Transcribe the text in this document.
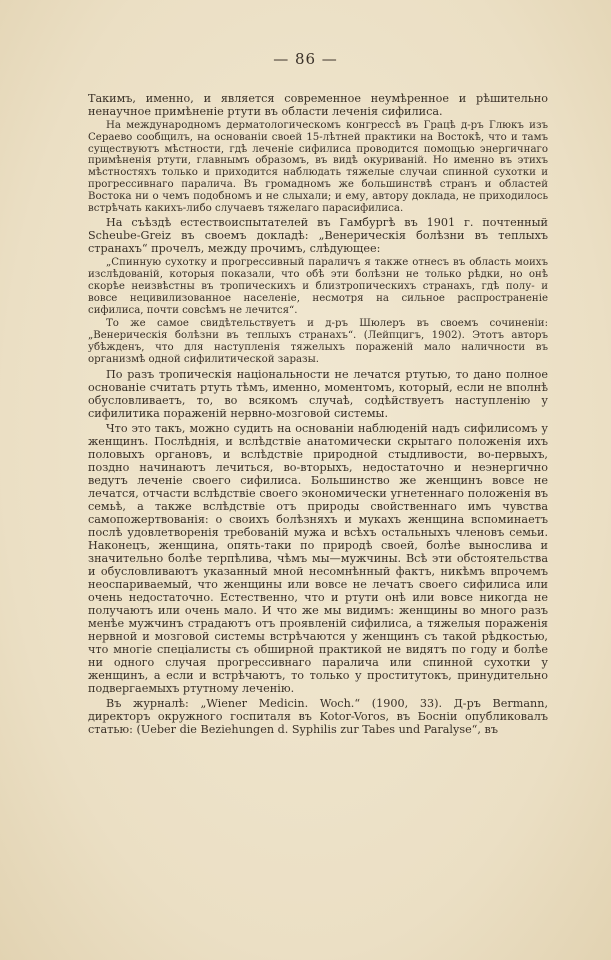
— 86 —

Такимъ, именно, и является современное неумѣренное и рѣшительно ненаучное примѣненіе ртути въ области леченія сифилиса.

На международномъ дерматологическомъ конгрессѣ въ Грацѣ д-ръ Глюкъ изъ Сераево сообщилъ, на основаніи своей 15-лѣтней практики на Востокѣ, что и тамъ существуютъ мѣстности, гдѣ леченіе сифилиса проводится помощью энергичнаго примѣненія ртути, главнымъ образомъ, въ видѣ окуриваній. Но именно въ этихъ мѣстностяхъ только и приходится наблюдать тяжелые случаи спинной сухотки и прогрессивнаго паралича. Въ громадномъ же большинствѣ странъ и областей Востока ни о чемъ подобномъ и не слыхали; и ему, автору доклада, не приходилось встрѣчать какихъ-либо случаевъ тяжелаго парасифилиса.

На съѣздѣ естествоиспытателей въ Гамбургѣ въ 1901 г. почтенный Scheube-Greiz въ своемъ докладѣ: „Венерическія болѣзни въ теплыхъ странахъ“ прочелъ, между прочимъ, слѣдующее:

„Спинную сухотку и прогрессивный параличъ я также отнесъ въ область моихъ изслѣдованій, которыя показали, что обѣ эти болѣзни не только рѣдки, но онѣ скорѣе неизвѣстны въ тропическихъ и близтропическихъ странахъ, гдѣ полу- и вовсе нецивилизованное населеніе, несмотря на сильное распространеніе сифилиса, почти совсѣмъ не лечится“.

То же самое свидѣтельствуетъ и д-ръ Шюлеръ въ своемъ сочиненіи: „Венерическія болѣзни въ теплыхъ странахъ“. (Лейпцигъ, 1902). Этотъ авторъ убѣжденъ, что для наступленія тяжелыхъ пораженій мало наличности въ организмѣ одной сифилитической заразы.

По разъ тропическія національности не лечатся ртутью, то дано полное основаніе считать ртуть тѣмъ, именно, моментомъ, который, если не вполнѣ обусловливаетъ, то, во всякомъ случаѣ, содѣйствуетъ наступленію у сифилитика пораженій нервно-мозговой системы.

Что это такъ, можно судить на основаніи наблюденій надъ сифилисомъ у женщинъ. Послѣднія, и вслѣдствіе анатомически скрытаго положенія ихъ половыхъ органовъ, и вслѣдствіе природной стыдливости, во-первыхъ, поздно начинаютъ лечиться, во-вторыхъ, недостаточно и неэнергично ведутъ леченіе своего сифилиса. Большинство же женщинъ вовсе не лечатся, отчасти вслѣдствіе своего экономически угнетеннаго положенія въ семьѣ, а также вслѣдствіе отъ природы свойственнаго имъ чувства самопожертвованія: о своихъ болѣзняхъ и мукахъ женщина вспоминаетъ послѣ удовлетворенія требованій мужа и всѣхъ остальныхъ членовъ семьи. Наконецъ, женщина, опять-таки по природѣ своей, болѣе вынослива и значительно болѣе терпѣлива, чѣмъ мы—мужчины. Всѣ эти обстоятельства и обусловливаютъ указанный мной несомнѣнный фактъ, никѣмъ впрочемъ неоспариваемый, что женщины или вовсе не лечатъ своего сифилиса или очень недостаточно. Естественно, что и ртути онѣ или вовсе никогда не получаютъ или очень мало. И что же мы видимъ: женщины во много разъ менѣе мужчинъ страдаютъ отъ проявленій сифилиса, а тяжелыя пораженія нервной и мозговой системы встрѣчаются у женщинъ съ такой рѣдкостью, что многіе спеціалисты съ обширной практикой не видятъ по году и болѣе ни одного случая прогрессивнаго паралича или спинной сухотки у женщинъ, а если и встрѣчаютъ, то только у проститутокъ, принудительно подвергаемыхъ ртутному леченію.

Въ журналѣ: „Wiener Medicin. Woch.“ (1900, 33). Д-ръ Bermann, директоръ окружного госпиталя въ Kotor-Voros, въ Босніи опубликовалъ статью: (Ueber die Beziehungen d. Syphilis zur Tabes und Paralyse“, въ
